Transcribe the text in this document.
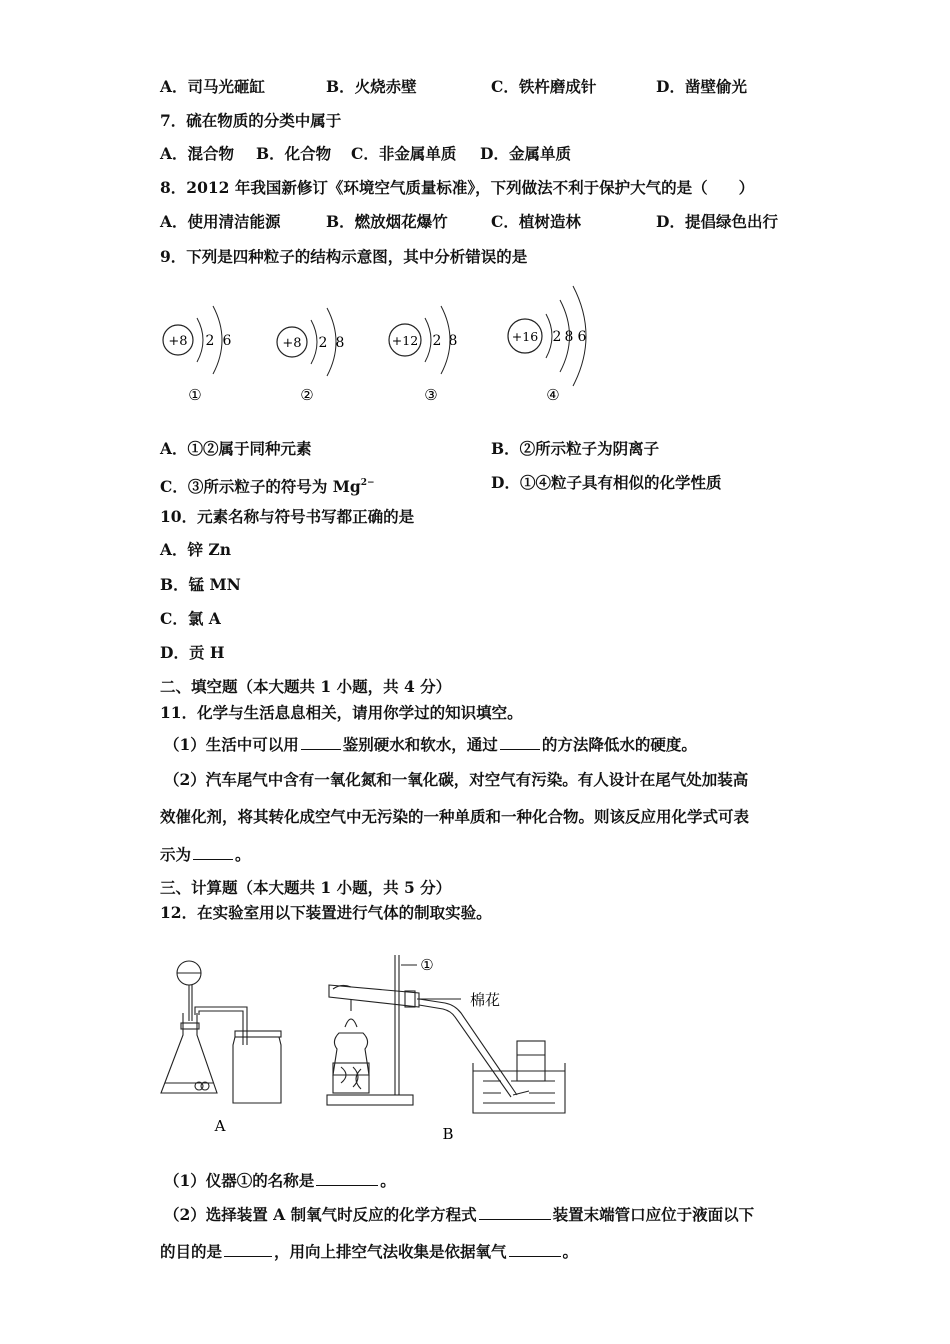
A．司马光砸缸	B．火烧赤壁	C．铁杵磨成针	D．凿壁偷光
7．硫在物质的分类中属于
A．混合物 B．化合物 C．非金属单质 D．金属单质
8．2012 年我国新修订《环境空气质量标准》，下列做法不利于保护大气的是（　　）
A．使用清洁能源	B．燃放烟花爆竹	C．植树造林	D．提倡绿色出行
9．下列是四种粒子的结构示意图，其中分析错误的是
+8 2 6
①
+8 2 8
②
+12 2 8
③
+16 2 8 6
④
A．①②属于同种元素	B．②所示粒子为阴离子
C．③所示粒子的符号为 $Mg^{2-}$	D．①④粒子具有相似的化学性质
10．元素名称与符号书写都正确的是
A．锌 Zn
B．锰 MN
C．氯 A
D．贡 H
二、填空题（本大题共 1 小题，共 4 分）
11．化学与生活息息相关，请用你学过的知识填空。
（1）生活中可以用	鉴别硬水和软水，通过	的方法降低水的硬度。
（2）汽车尾气中含有一氧化氮和一氧化碳，对空气有污染。有人设计在尾气处加装高
效催化剂，将其转化成空气中无污染的一种单质和一种化合物。则该反应用化学式可表
示为	。
三、计算题（本大题共 1 小题，共 5 分）
12．在实验室用以下装置进行气体的制取实验。
A
①
棉花
B
（1）仪器①的名称是	。
（2）选择装置 A 制氧气时反应的化学方程式	装置末端管口应位于液面以下
的目的是	，用向上排空气法收集是依据氧气	。
